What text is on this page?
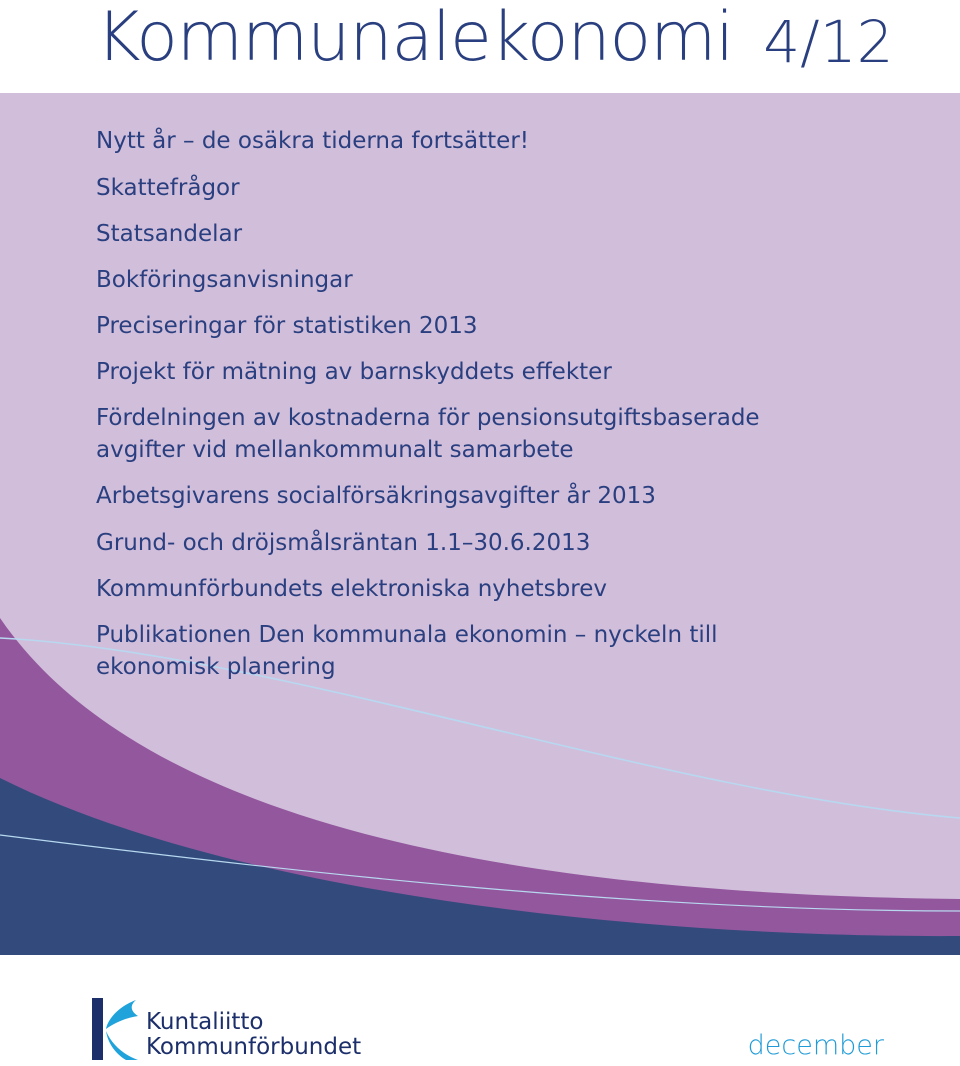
Kommunalekonomi 4/12
Nytt år – de osäkra tiderna fortsätter!
Skattefrågor
Statsandelar
Bokföringsanvisningar
Preciseringar för statistiken 2013
Projekt för mätning av barnskyddets effekter
Fördelningen av kostnaderna för pensionsutgiftsbaserade
avgifter vid mellankommunalt samarbete
Arbetsgivarens socialförsäkringsavgifter år 2013
Grund- och dröjsmålsräntan 1.1–30.6.2013
Kommunförbundets elektroniska nyhetsbrev
Publikationen Den kommunala ekonomin – nyckeln till
ekonomisk planering
Kuntaliitto
Kommunförbundet	december
